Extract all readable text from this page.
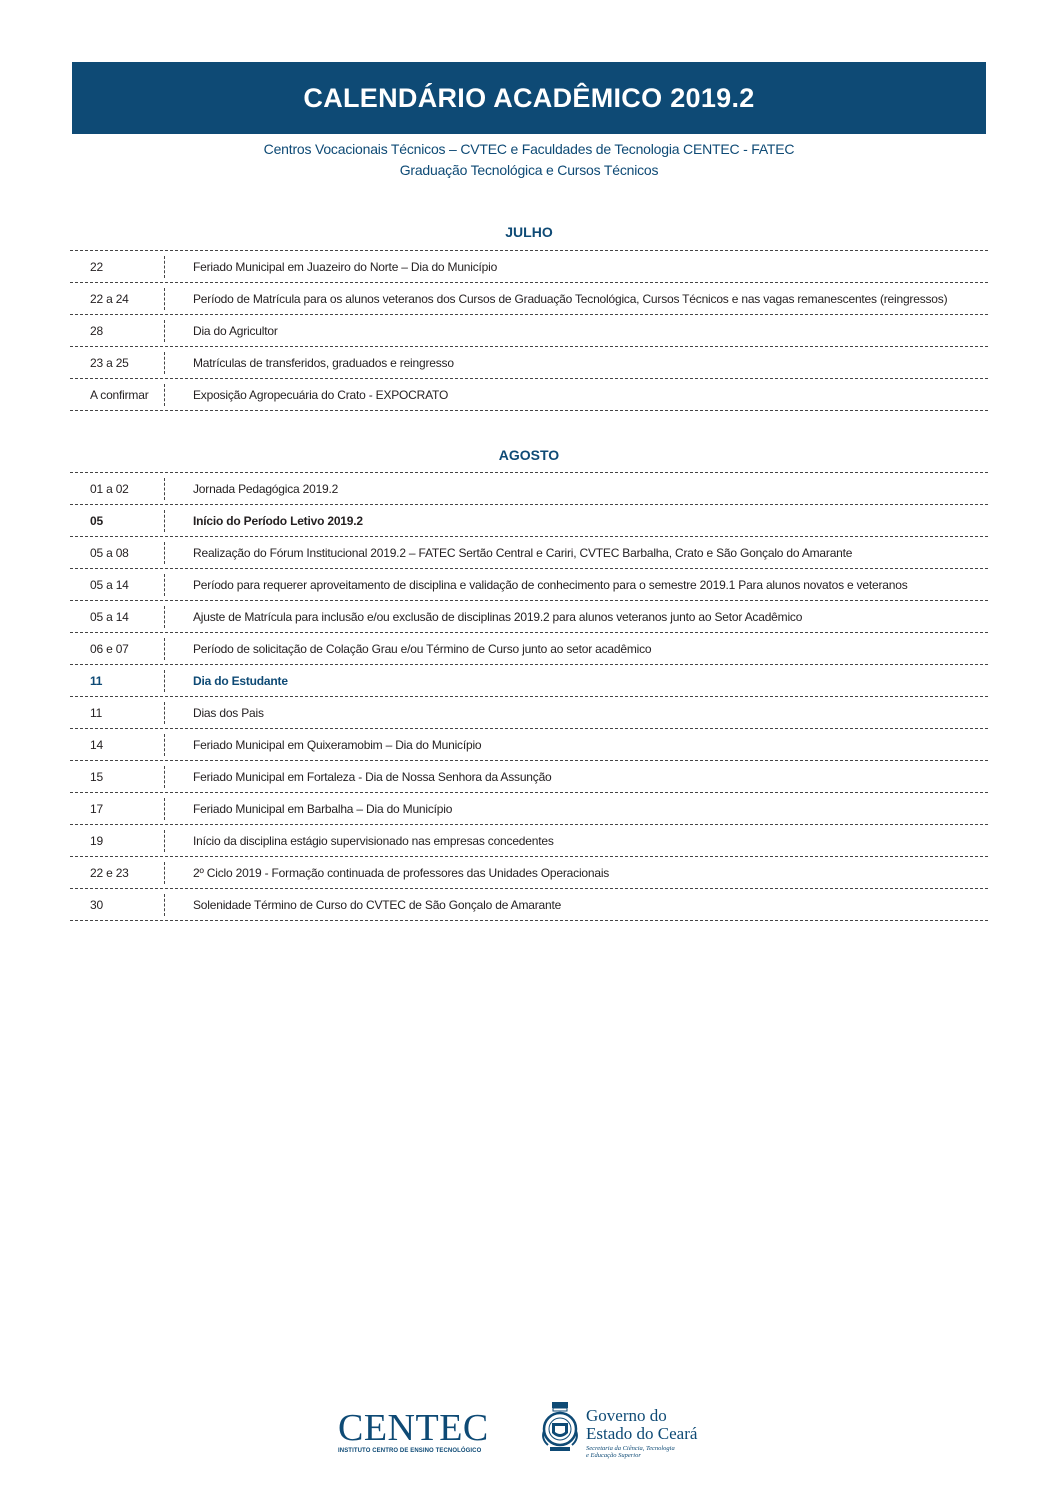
CALENDÁRIO ACADÊMICO 2019.2
Centros Vocacionais Técnicos – CVTEC e Faculdades de Tecnologia CENTEC - FATEC
Graduação Tecnológica e Cursos Técnicos
JULHO
22	Feriado Municipal em Juazeiro do Norte – Dia do Município
22 a 24	Período de Matrícula para os alunos veteranos dos Cursos de Graduação Tecnológica, Cursos Técnicos e nas vagas remanescentes (reingressos)
28	Dia do Agricultor
23 a 25	Matrículas de transferidos, graduados e reingresso
A confirmar	Exposição Agropecuária do Crato - EXPOCRATO
AGOSTO
01 a 02	Jornada Pedagógica 2019.2
05	Início do Período Letivo 2019.2
05 a 08	Realização do Fórum Institucional 2019.2 – FATEC Sertão Central e Cariri, CVTEC Barbalha, Crato e São Gonçalo do Amarante
05 a 14	Período para requerer aproveitamento de disciplina e validação de conhecimento para o semestre 2019.1 Para alunos novatos e veteranos
05 a 14	Ajuste de Matrícula para inclusão e/ou exclusão de disciplinas 2019.2 para alunos veteranos junto ao Setor Acadêmico
06 e 07	Período de solicitação de Colação Grau e/ou Término de Curso junto ao setor acadêmico
11	Dia do Estudante
11	Dias dos Pais
14	Feriado Municipal em Quixeramobim – Dia do Município
15	Feriado Municipal em Fortaleza - Dia de Nossa Senhora da Assunção
17	Feriado Municipal em Barbalha – Dia do Município
19	Início da disciplina estágio supervisionado nas empresas concedentes
22 e 23	2º Ciclo 2019 - Formação continuada de professores das Unidades Operacionais
30	Solenidade Término de Curso do CVTEC de São Gonçalo de Amarante
CENTEC
INSTITUTO CENTRO DE ENSINO TECNOLÓGICO
Governo do
Estado do Ceará
Secretaria da Ciência, Tecnologia
e Educação Superior
